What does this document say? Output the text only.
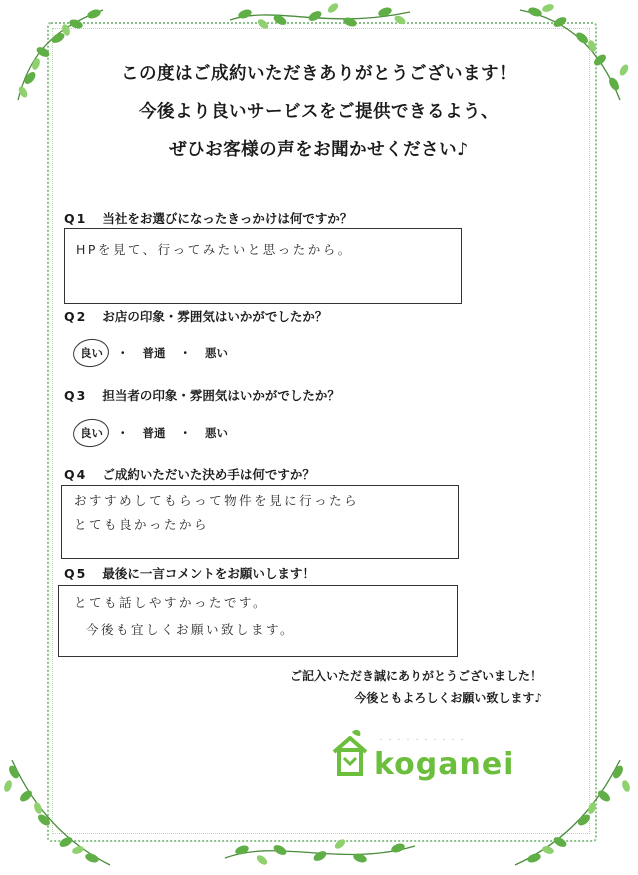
この度はご成約いただきありがとうございます！
今後より良いサービスをご提供できるよう、
ぜひお客様の声をお聞かせください♪
Q1 当社をお選びになったきっかけは何ですか？
HPを見て、行ってみたいと思ったから。
Q2 お店の印象・雰囲気はいかがでしたか？
良い ・ 普通 ・ 悪い
Q3 担当者の印象・雰囲気はいかがでしたか？
良い ・ 普通 ・ 悪い
Q4 ご成約いただいた決め手は何ですか？
おすすめしてもらって物件を見に行ったら
とても良かったから
Q5 最後に一言コメントをお願いします！
とても話しやすかったです。
今後も宜しくお願い致します。
ご記入いただき誠にありがとうございました！
今後ともよろしくお願い致します♪
koganei
・・・・・・・・・・
